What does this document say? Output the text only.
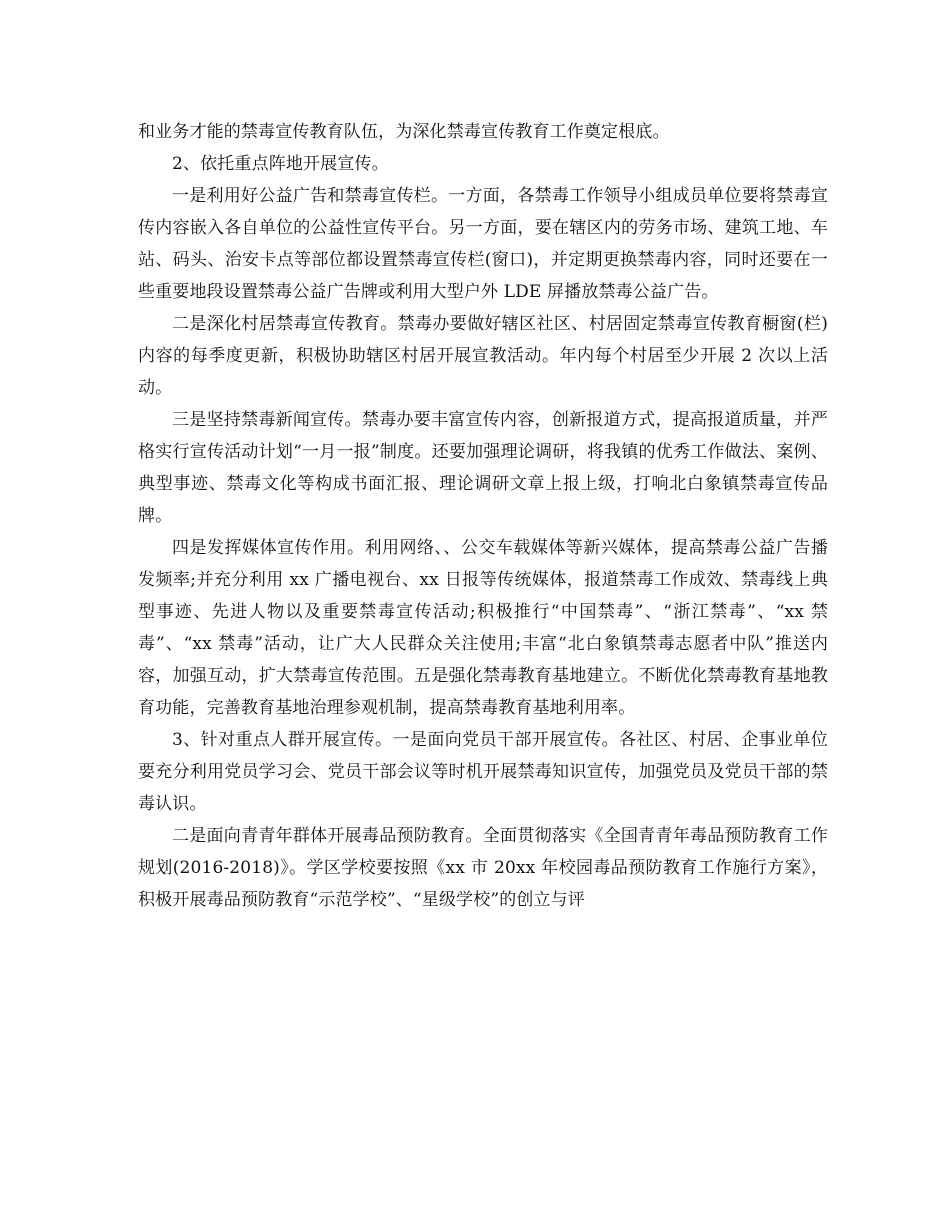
和业务才能的禁毒宣传教育队伍，为深化禁毒宣传教育工作奠定根底。

2、依托重点阵地开展宣传。

一是利用好公益广告和禁毒宣传栏。一方面，各禁毒工作领导小组成员单位要将禁毒宣传内容嵌入各自单位的公益性宣传平台。另一方面，要在辖区内的劳务市场、建筑工地、车站、码头、治安卡点等部位都设置禁毒宣传栏(窗口)，并定期更换禁毒内容，同时还要在一些重要地段设置禁毒公益广告牌或利用大型户外 LDE 屏播放禁毒公益广告。

二是深化村居禁毒宣传教育。禁毒办要做好辖区社区、村居固定禁毒宣传教育橱窗(栏)内容的每季度更新，积极协助辖区村居开展宣教活动。年内每个村居至少开展 2 次以上活动。

三是坚持禁毒新闻宣传。禁毒办要丰富宣传内容，创新报道方式，提高报道质量，并严格实行宣传活动计划“一月一报”制度。还要加强理论调研，将我镇的优秀工作做法、案例、典型事迹、禁毒文化等构成书面汇报、理论调研文章上报上级，打响北白象镇禁毒宣传品牌。

四是发挥媒体宣传作用。利用网络、、公交车载媒体等新兴媒体，提高禁毒公益广告播发频率;并充分利用 xx 广播电视台、xx 日报等传统媒体，报道禁毒工作成效、禁毒线上典型事迹、先进人物以及重要禁毒宣传活动;积极推行“中国禁毒”、“浙江禁毒”、“xx 禁毒”、“xx 禁毒”活动，让广大人民群众关注使用;丰富“北白象镇禁毒志愿者中队”推送内容，加强互动，扩大禁毒宣传范围。五是强化禁毒教育基地建立。不断优化禁毒教育基地教育功能，完善教育基地治理参观机制，提高禁毒教育基地利用率。

3、针对重点人群开展宣传。一是面向党员干部开展宣传。各社区、村居、企事业单位要充分利用党员学习会、党员干部会议等时机开展禁毒知识宣传，加强党员及党员干部的禁毒认识。

二是面向青青年群体开展毒品预防教育。全面贯彻落实《全国青青年毒品预防教育工作规划(2016-2018)》。学区学校要按照《xx 市 20xx 年校园毒品预防教育工作施行方案》，积极开展毒品预防教育“示范学校”、“星级学校”的创立与评
